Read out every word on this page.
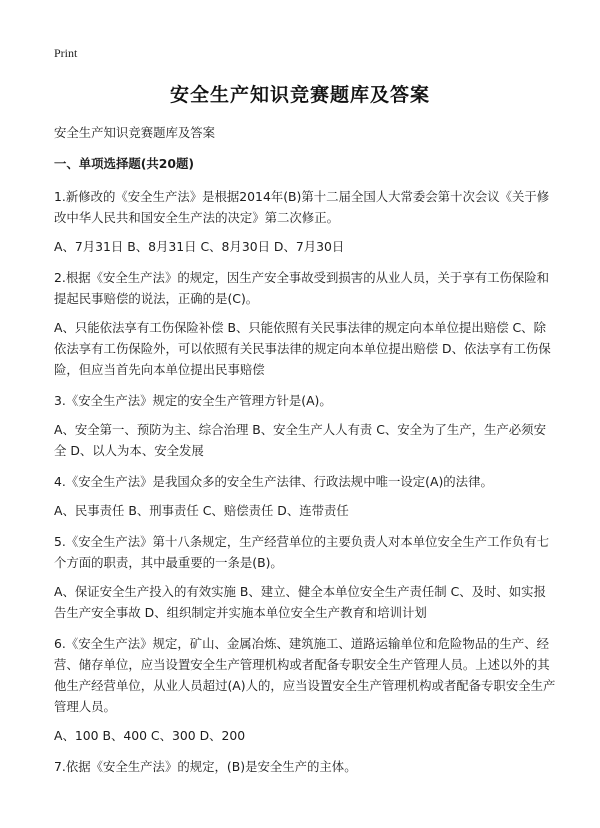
Print
安全生产知识竞赛题库及答案

安全生产知识竞赛题库及答案

一、单项选择题(共20题)

1.新修改的《安全生产法》是根据2014年(B)第十二届全国人大常委会第十次会议《关于修改中华人民共和国安全生产法的决定》第二次修正。

A、7月31日 B、8月31日 C、8月30日 D、7月30日

2.根据《安全生产法》的规定，因生产安全事故受到损害的从业人员，关于享有工伤保险和提起民事赔偿的说法，正确的是(C)。

A、只能依法享有工伤保险补偿 B、只能依照有关民事法律的规定向本单位提出赔偿 C、除依法享有工伤保险外，可以依照有关民事法律的规定向本单位提出赔偿 D、依法享有工伤保险，但应当首先向本单位提出民事赔偿

3.《安全生产法》规定的安全生产管理方针是(A)。

A、安全第一、预防为主、综合治理 B、安全生产人人有责 C、安全为了生产，生产必须安全 D、以人为本、安全发展

4.《安全生产法》是我国众多的安全生产法律、行政法规中唯一设定(A)的法律。

A、民事责任 B、刑事责任 C、赔偿责任 D、连带责任

5.《安全生产法》第十八条规定，生产经营单位的主要负责人对本单位安全生产工作负有七个方面的职责，其中最重要的一条是(B)。

A、保证安全生产投入的有效实施 B、建立、健全本单位安全生产责任制 C、及时、如实报告生产安全事故 D、组织制定并实施本单位安全生产教育和培训计划

6.《安全生产法》规定，矿山、金属冶炼、建筑施工、道路运输单位和危险物品的生产、经营、储存单位，应当设置安全生产管理机构或者配备专职安全生产管理人员。上述以外的其他生产经营单位，从业人员超过(A)人的，应当设置安全生产管理机构或者配备专职安全生产管理人员。

A、100 B、400 C、300 D、200

7.依据《安全生产法》的规定，(B)是安全生产的主体。
